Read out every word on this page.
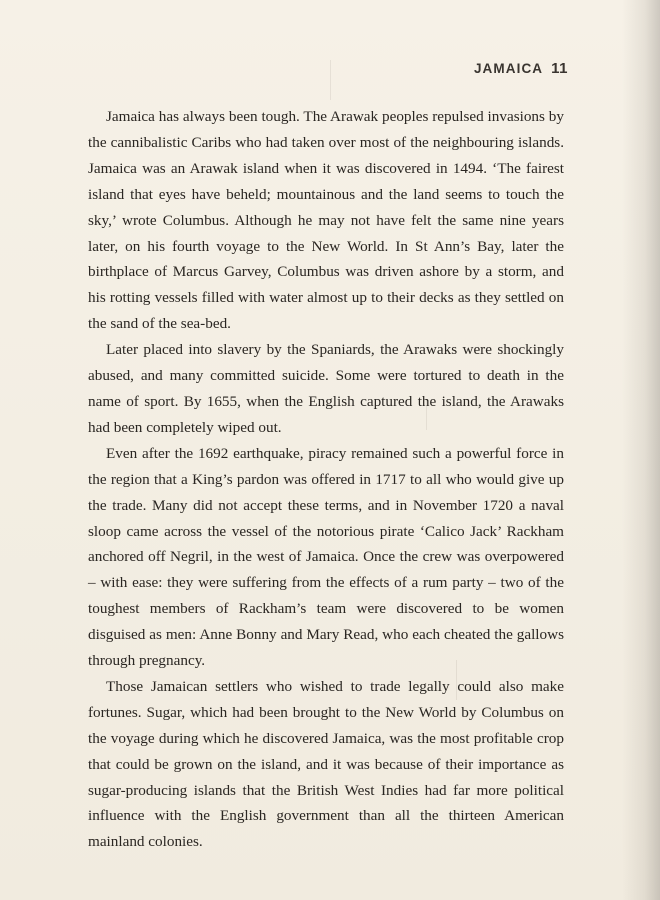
JAMAICA 11

Jamaica has always been tough. The Arawak peoples repulsed invasions by the cannibalistic Caribs who had taken over most of the neighbouring islands. Jamaica was an Arawak island when it was discovered in 1494. ‘The fairest island that eyes have beheld; mountainous and the land seems to touch the sky,’ wrote Columbus. Although he may not have felt the same nine years later, on his fourth voyage to the New World. In St Ann’s Bay, later the birthplace of Marcus Garvey, Columbus was driven ashore by a storm, and his rotting vessels filled with water almost up to their decks as they settled on the sand of the sea-bed.

Later placed into slavery by the Spaniards, the Arawaks were shockingly abused, and many committed suicide. Some were tortured to death in the name of sport. By 1655, when the English captured the island, the Arawaks had been completely wiped out.

Even after the 1692 earthquake, piracy remained such a powerful force in the region that a King’s pardon was offered in 1717 to all who would give up the trade. Many did not accept these terms, and in November 1720 a naval sloop came across the vessel of the notorious pirate ‘Calico Jack’ Rackham anchored off Negril, in the west of Jamaica. Once the crew was overpowered – with ease: they were suffering from the effects of a rum party – two of the toughest members of Rackham’s team were discovered to be women disguised as men: Anne Bonny and Mary Read, who each cheated the gallows through pregnancy.

Those Jamaican settlers who wished to trade legally could also make fortunes. Sugar, which had been brought to the New World by Columbus on the voyage during which he discovered Jamaica, was the most profitable crop that could be grown on the island, and it was because of their importance as sugar-producing islands that the British West Indies had far more political influence with the English government than all the thirteen American mainland colonies.
